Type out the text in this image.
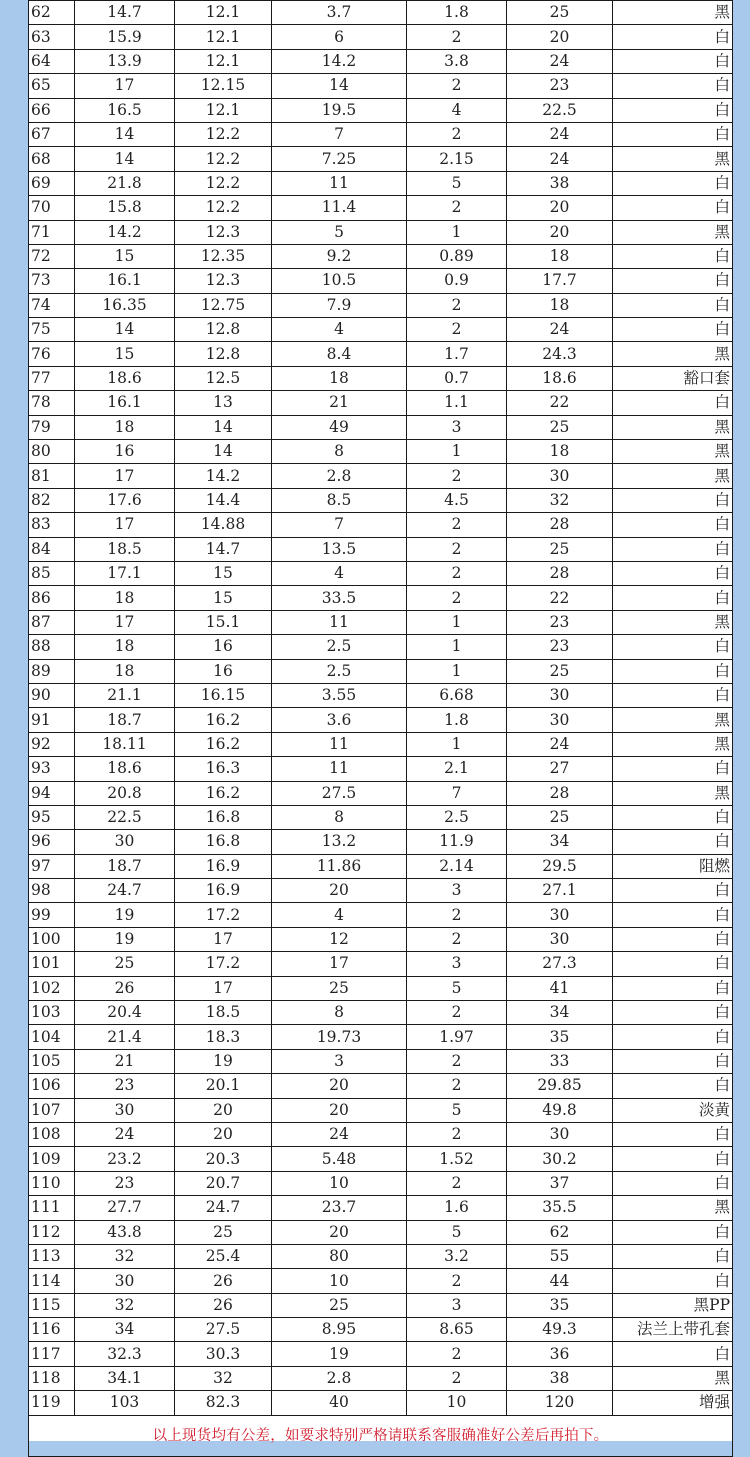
62	14.7	12.1	3.7	1.8	25	黑
63	15.9	12.1	6	2	20	白
64	13.9	12.1	14.2	3.8	24	白
65	17	12.15	14	2	23	白
66	16.5	12.1	19.5	4	22.5	白
67	14	12.2	7	2	24	白
68	14	12.2	7.25	2.15	24	黑
69	21.8	12.2	11	5	38	白
70	15.8	12.2	11.4	2	20	白
71	14.2	12.3	5	1	20	黑
72	15	12.35	9.2	0.89	18	白
73	16.1	12.3	10.5	0.9	17.7	白
74	16.35	12.75	7.9	2	18	白
75	14	12.8	4	2	24	白
76	15	12.8	8.4	1.7	24.3	黑
77	18.6	12.5	18	0.7	18.6	豁口套
78	16.1	13	21	1.1	22	白
79	18	14	49	3	25	黑
80	16	14	8	1	18	黑
81	17	14.2	2.8	2	30	黑
82	17.6	14.4	8.5	4.5	32	白
83	17	14.88	7	2	28	白
84	18.5	14.7	13.5	2	25	白
85	17.1	15	4	2	28	白
86	18	15	33.5	2	22	白
87	17	15.1	11	1	23	黑
88	18	16	2.5	1	23	白
89	18	16	2.5	1	25	白
90	21.1	16.15	3.55	6.68	30	白
91	18.7	16.2	3.6	1.8	30	黑
92	18.11	16.2	11	1	24	黑
93	18.6	16.3	11	2.1	27	白
94	20.8	16.2	27.5	7	28	黑
95	22.5	16.8	8	2.5	25	白
96	30	16.8	13.2	11.9	34	白
97	18.7	16.9	11.86	2.14	29.5	阻燃
98	24.7	16.9	20	3	27.1	白
99	19	17.2	4	2	30	白
100	19	17	12	2	30	白
101	25	17.2	17	3	27.3	白
102	26	17	25	5	41	白
103	20.4	18.5	8	2	34	白
104	21.4	18.3	19.73	1.97	35	白
105	21	19	3	2	33	白
106	23	20.1	20	2	29.85	白
107	30	20	20	5	49.8	淡黄
108	24	20	24	2	30	白
109	23.2	20.3	5.48	1.52	30.2	白
110	23	20.7	10	2	37	白
111	27.7	24.7	23.7	1.6	35.5	黑
112	43.8	25	20	5	62	白
113	32	25.4	80	3.2	55	白
114	30	26	10	2	44	白
115	32	26	25	3	35	黑PP
116	34	27.5	8.95	8.65	49.3	法兰上带孔套
117	32.3	30.3	19	2	36	白
118	34.1	32	2.8	2	38	黑
119	103	82.3	40	10	120	增强
以上现货均有公差，如要求特别严格请联系客服确准好公差后再拍下。						
